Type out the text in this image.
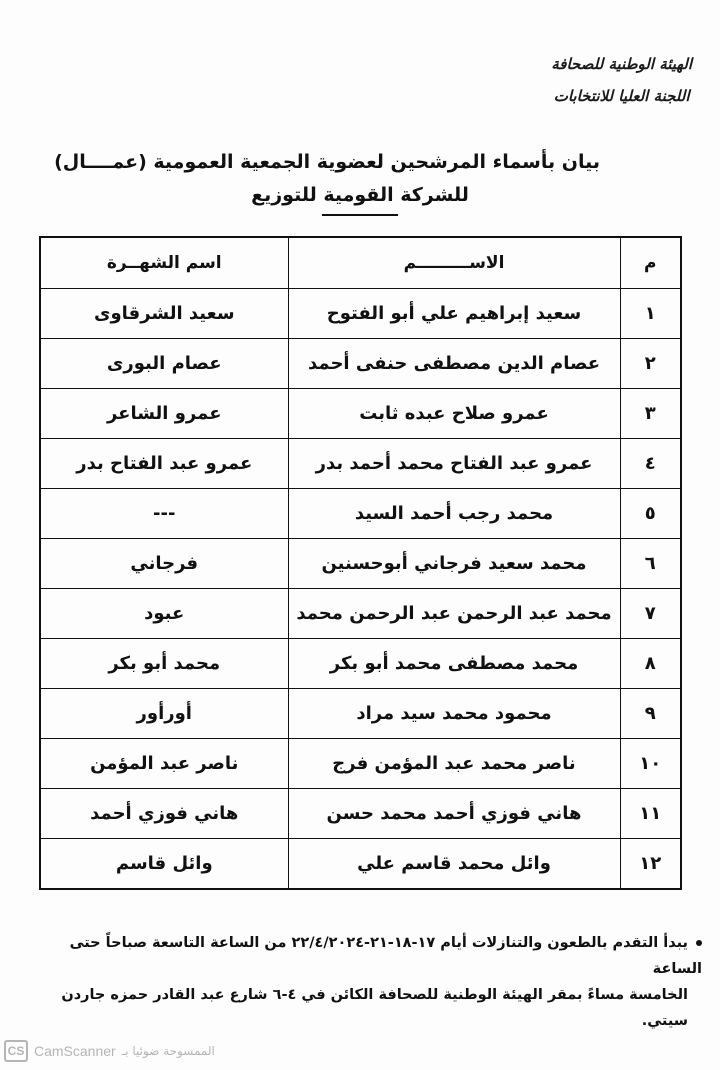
الهيئة الوطنية للصحافة
اللجنة العليا للانتخابات
بيان بأسماء المرشحين لعضوية الجمعية العمومية (عمــــال)
للشركة القومية للتوزيع
م	الاســـــــــم	اسم الشهــرة
١	سعيد إبراهيم علي أبو الفتوح	سعيد الشرقاوى
٢	عصام الدين مصطفى حنفى أحمد	عصام البورى
٣	عمرو صلاح عبده ثابت	عمرو الشاعر
٤	عمرو عبد الفتاح محمد أحمد بدر	عمرو عبد الفتاح بدر
٥	محمد رجب أحمد السيد	---
٦	محمد سعيد فرجاني أبوحسنين	فرجاني
٧	محمد عبد الرحمن عبد الرحمن محمد	عبود
٨	محمد مصطفى محمد أبو بكر	محمد أبو بكر
٩	محمود محمد سيد مراد	أورأور
١٠	ناصر محمد عبد المؤمن فرج	ناصر عبد المؤمن
١١	هاني فوزي أحمد محمد حسن	هاني فوزي أحمد
١٢	وائل محمد قاسم علي	وائل قاسم
يبدأ التقدم بالطعون والتنازلات أيام ١٧-١٨-٢١-٢٢/٤/٢٠٢٤ من الساعة التاسعة صباحاً حتى الساعة
الخامسة مساءً بمقر الهيئة الوطنية للصحافة الكائن في ٤-٦ شارع عبد القادر حمزه جاردن سيتي.
CS CamScanner الممسوحة ضوئيا بـ
